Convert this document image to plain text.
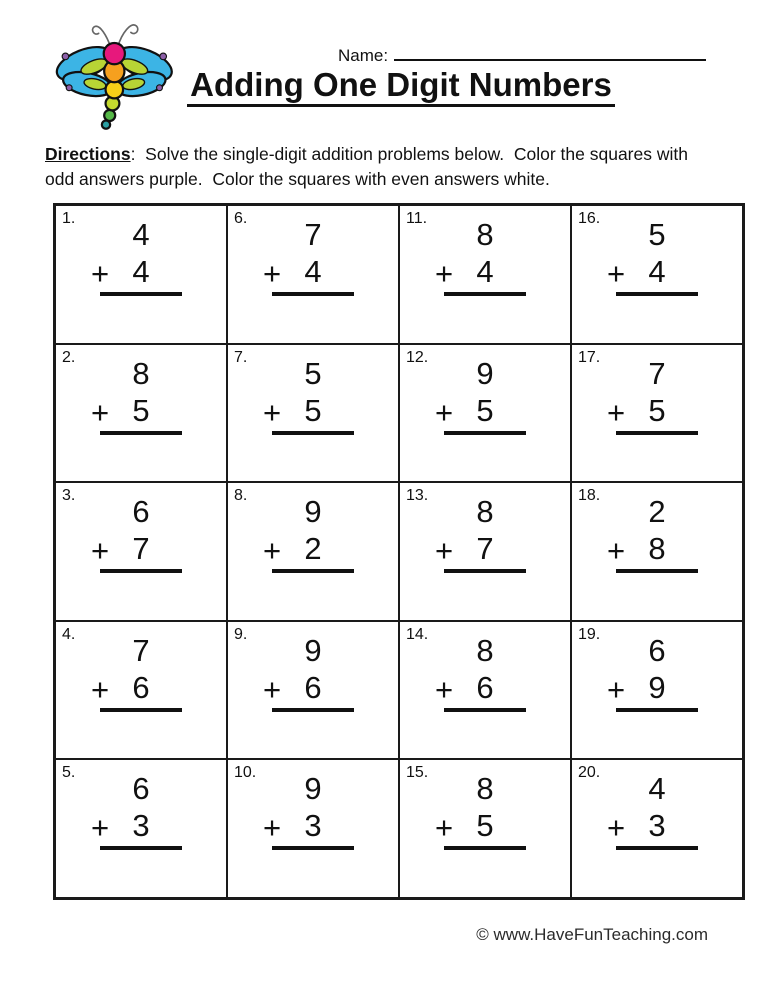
Name:
Adding One Digit Numbers
Directions:  Solve the single-digit addition problems below.  Color the squares with odd answers purple.  Color the squares with even answers white.
1.	4
+ 4
6.	7
+ 4
11.	8
+ 4
16.	5
+ 4
2.	8
+ 5
7.	5
+ 5
12.	9
+ 5
17.	7
+ 5
3.	6
+ 7
8.	9
+ 2
13.	8
+ 7
18.	2
+ 8
4.	7
+ 6
9.	9
+ 6
14.	8
+ 6
19.	6
+ 9
5.	6
+ 3
10.	9
+ 3
15.	8
+ 5
20.	4
+ 3
© www.HaveFunTeaching.com
